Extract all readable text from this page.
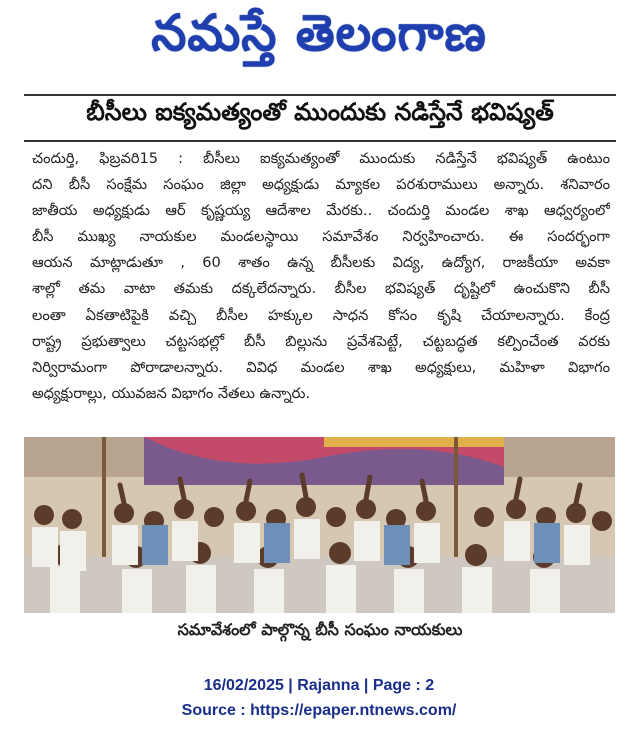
నమస్తే తెలంగాణ
బీసీలు ఐక్యమత్యంతో ముందుకు నడిస్తేనే భవిష్యత్
చందుర్తి, ఫిబ్రవరి15 : బీసీలు ఐక్యమత్యంతో ముందుకు నడిస్తేనే భవిష్యత్ ఉంటుం
దని బీసీ సంక్షేమ సంఘం జిల్లా అధ్యక్షుడు మ్యాకల పరశురాములు అన్నారు. శనివారం
జాతీయ అధ్యక్షుడు ఆర్ కృష్ణయ్య ఆదేశాల మేరకు.. చందుర్తి మండల శాఖ ఆధ్వర్యంలో
బీసీ ముఖ్య నాయకుల మండలస్థాయి సమావేశం నిర్వహించారు. ఈ సందర్భంగా
ఆయన మాట్లాడుతూ , 60 శాతం ఉన్న బీసీలకు విద్య, ఉద్యోగ, రాజకీయా అవకా
శాల్లో తమ వాటా తమకు దక్కలేదన్నారు. బీసీల భవిష్యత్ దృష్టిలో ఉంచుకొని బీసీ
లంతా ఏకతాటిపైకి వచ్చి బీసీల హక్కుల సాధన కోసం కృషి చేయాలన్నారు. కేంద్ర
రాష్ట్ర ప్రభుత్వాలు చట్టసభల్లో బీసీ బిల్లును ప్రవేశపెట్టే, చట్టబద్ధత కల్పించేంత వరకు
నిర్విరామంగా పోరాడాలన్నారు. వివిధ మండల శాఖ అధ్యక్షులు, మహిళా విభాగం
అధ్యక్షురాల్లు, యువజన విభాగం నేతలు ఉన్నారు.
సమావేశంలో పాల్గొన్న బీసీ సంఘం నాయకులు
16/02/2025 | Rajanna | Page : 2
Source : https://epaper.ntnews.com/
